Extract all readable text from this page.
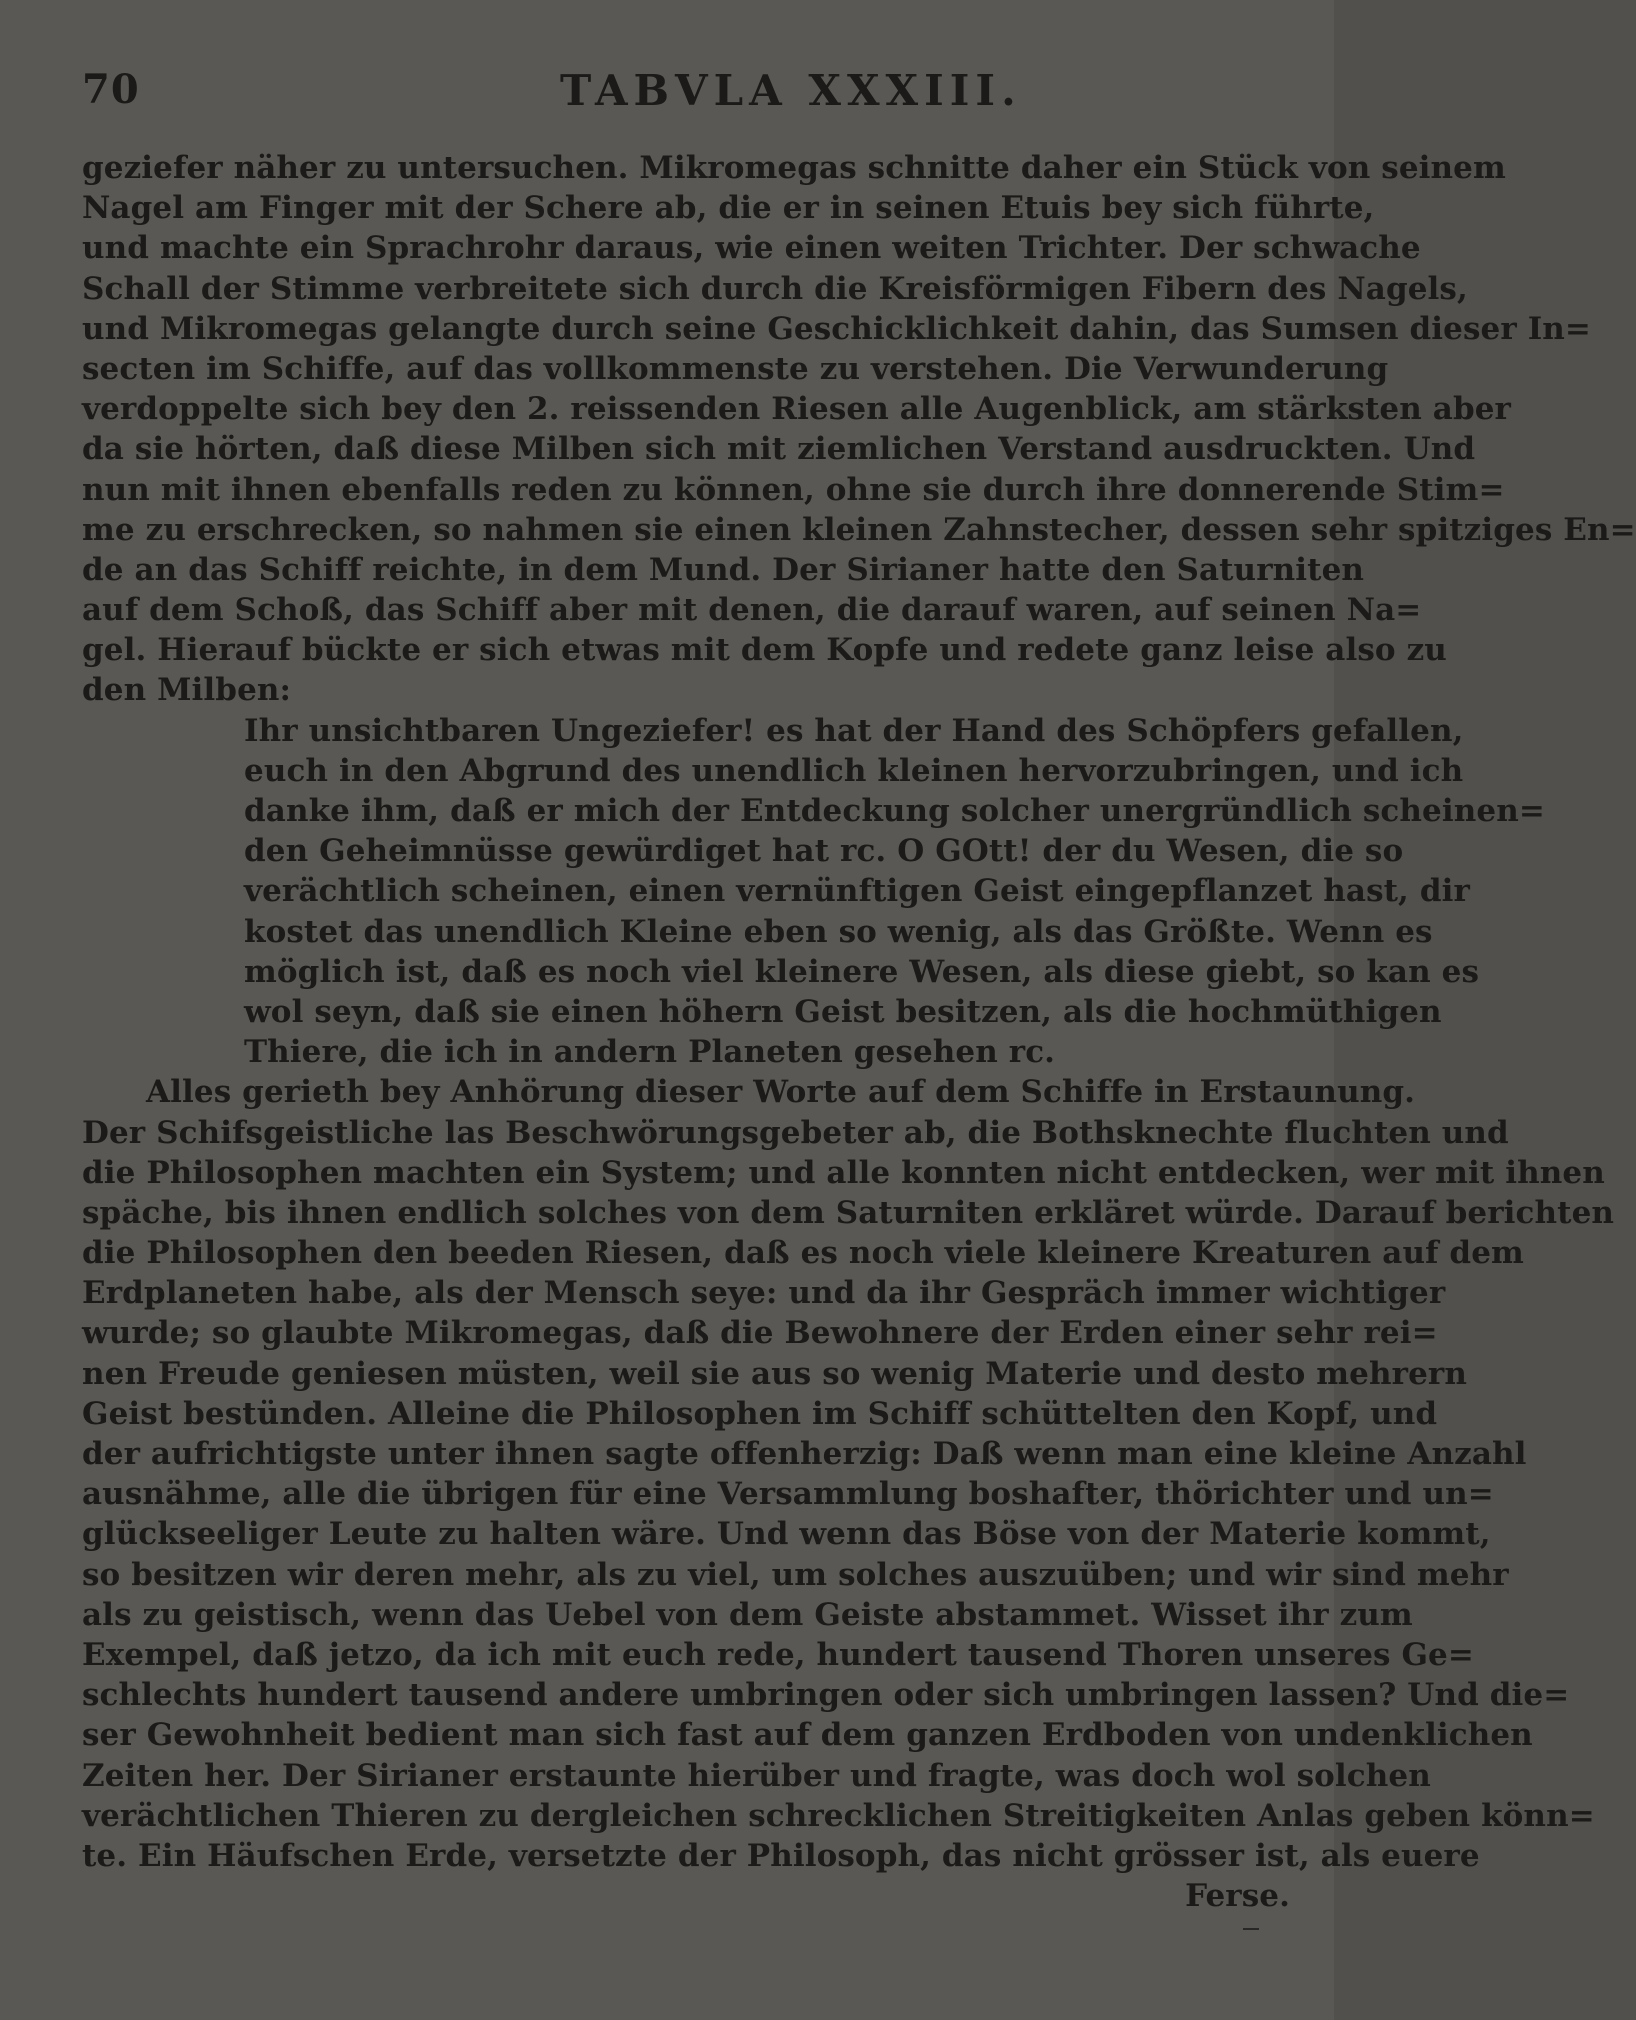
70	TABVLA XXXIII.
geziefer näher zu untersuchen. Mikromegas schnitte daher ein Stück von seinem
Nagel am Finger mit der Schere ab, die er in seinen Etuis bey sich führte,
und machte ein Sprachrohr daraus, wie einen weiten Trichter. Der schwache
Schall der Stimme verbreitete sich durch die Kreisförmigen Fibern des Nagels,
und Mikromegas gelangte durch seine Geschicklichkeit dahin, das Sumsen dieser In=
secten im Schiffe, auf das vollkommenste zu verstehen. Die Verwunderung
verdoppelte sich bey den 2. reissenden Riesen alle Augenblick, am stärksten aber
da sie hörten, daß diese Milben sich mit ziemlichen Verstand ausdruckten. Und
nun mit ihnen ebenfalls reden zu können, ohne sie durch ihre donnerende Stim=
me zu erschrecken, so nahmen sie einen kleinen Zahnstecher, dessen sehr spitziges En=
de an das Schiff reichte, in dem Mund. Der Sirianer hatte den Saturniten
auf dem Schoß, das Schiff aber mit denen, die darauf waren, auf seinen Na=
gel. Hierauf bückte er sich etwas mit dem Kopfe und redete ganz leise also zu
den Milben:
Ihr unsichtbaren Ungeziefer! es hat der Hand des Schöpfers gefallen,
euch in den Abgrund des unendlich kleinen hervorzubringen, und ich
danke ihm, daß er mich der Entdeckung solcher unergründlich scheinen=
den Geheimnüsse gewürdiget hat rc. O GOtt! der du Wesen, die so
verächtlich scheinen, einen vernünftigen Geist eingepflanzet hast, dir
kostet das unendlich Kleine eben so wenig, als das Größte. Wenn es
möglich ist, daß es noch viel kleinere Wesen, als diese giebt, so kan es
wol seyn, daß sie einen höhern Geist besitzen, als die hochmüthigen
Thiere, die ich in andern Planeten gesehen rc.
Alles gerieth bey Anhörung dieser Worte auf dem Schiffe in Erstaunung.
Der Schifsgeistliche las Beschwörungsgebeter ab, die Bothsknechte fluchten und
die Philosophen machten ein System; und alle konnten nicht entdecken, wer mit ihnen
späche, bis ihnen endlich solches von dem Saturniten erkläret würde. Darauf berichten
die Philosophen den beeden Riesen, daß es noch viele kleinere Kreaturen auf dem
Erdplaneten habe, als der Mensch seye: und da ihr Gespräch immer wichtiger
wurde; so glaubte Mikromegas, daß die Bewohnere der Erden einer sehr rei=
nen Freude geniesen müsten, weil sie aus so wenig Materie und desto mehrern
Geist bestünden. Alleine die Philosophen im Schiff schüttelten den Kopf, und
der aufrichtigste unter ihnen sagte offenherzig: Daß wenn man eine kleine Anzahl
ausnähme, alle die übrigen für eine Versammlung boshafter, thörichter und un=
glückseeliger Leute zu halten wäre. Und wenn das Böse von der Materie kommt,
so besitzen wir deren mehr, als zu viel, um solches auszuüben; und wir sind mehr
als zu geistisch, wenn das Uebel von dem Geiste abstammet. Wisset ihr zum
Exempel, daß jetzo, da ich mit euch rede, hundert tausend Thoren unseres Ge=
schlechts hundert tausend andere umbringen oder sich umbringen lassen? Und die=
ser Gewohnheit bedient man sich fast auf dem ganzen Erdboden von undenklichen
Zeiten her. Der Sirianer erstaunte hierüber und fragte, was doch wol solchen
verächtlichen Thieren zu dergleichen schrecklichen Streitigkeiten Anlas geben könn=
te. Ein Häufschen Erde, versetzte der Philosoph, das nicht grösser ist, als euere
Ferse.
